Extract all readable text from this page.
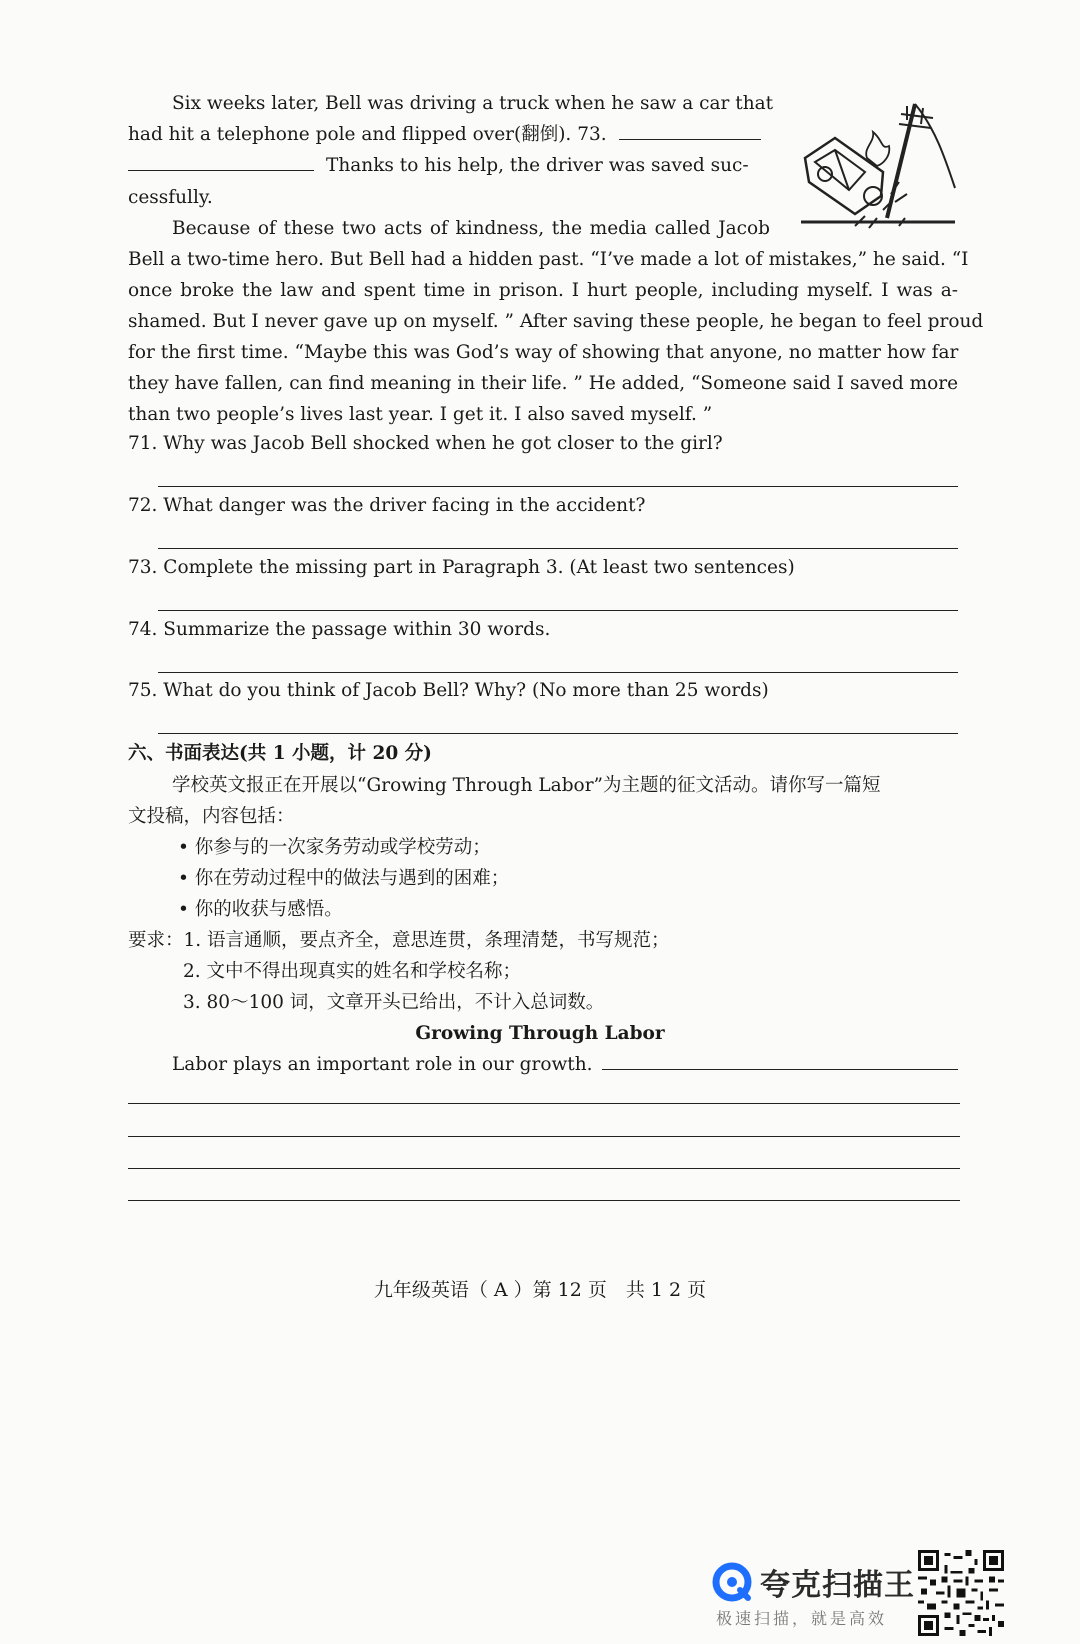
Six weeks later, Bell was driving a truck when he saw a car that
had hit a telephone pole and flipped over(翻倒). 73.
Thanks to his help, the driver was saved suc-
cessfully.
Because of these two acts of kindness, the media called Jacob
Bell a two-time hero. But Bell had a hidden past. “I’ve made a lot of mistakes,” he said. “I
once broke the law and spent time in prison. I hurt people, including myself. I was a-
shamed. But I never gave up on myself. ” After saving these people, he began to feel proud
for the first time. “Maybe this was God’s way of showing that anyone, no matter how far
they have fallen, can find meaning in their life. ” He added, “Someone said I saved more
than two people’s lives last year. I get it. I also saved myself. ”
71. Why was Jacob Bell shocked when he got closer to the girl?
72. What danger was the driver facing in the accident?
73. Complete the missing part in Paragraph 3. (At least two sentences)
74. Summarize the passage within 30 words.
75. What do you think of Jacob Bell? Why? (No more than 25 words)
六、书面表达(共 1 小题，计 20 分)
学校英文报正在开展以“Growing Through Labor”为主题的征文活动。请你写一篇短
文投稿，内容包括：
• 你参与的一次家务劳动或学校劳动；
• 你在劳动过程中的做法与遇到的困难；
• 你的收获与感悟。
要求：1. 语言通顺，要点齐全，意思连贯，条理清楚，书写规范；
2. 文中不得出现真实的姓名和学校名称；
3. 80～100 词，文章开头已给出，不计入总词数。
Growing Through Labor
Labor plays an important role in our growth.
九年级英语（ A ）第 12 页　共 1 2 页
夸克扫描王
极速扫描，就是高效
